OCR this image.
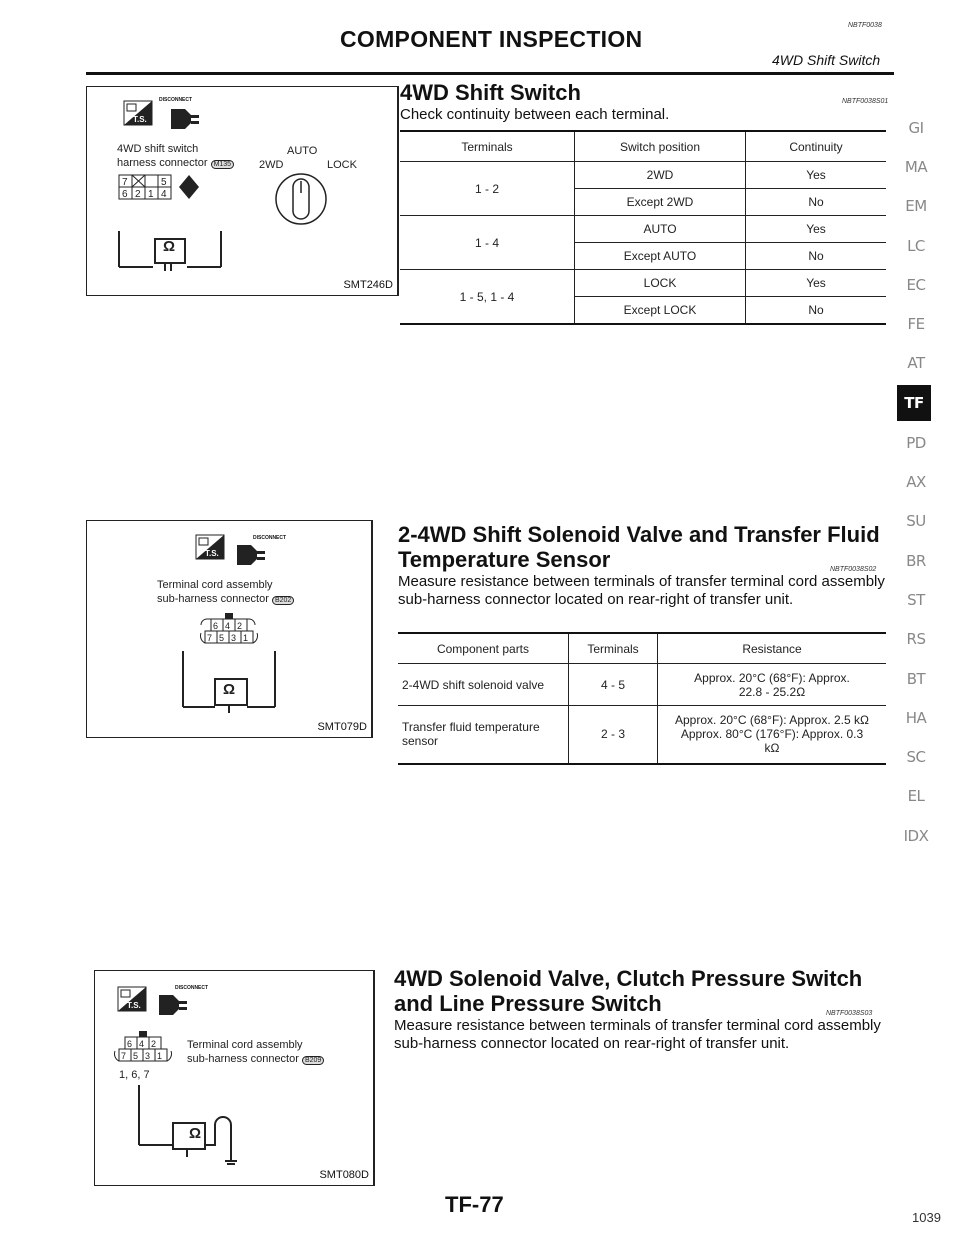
COMPONENT INSPECTION
NBTF0038
4WD Shift Switch
T.S.
DISCONNECT
4WD shift switch
harness connector M135
7	5
6 2 1 4
AUTO
2WD	LOCK
Ω
SMT246D
4WD Shift Switch	NBTF0038S01
Check continuity between each terminal.
Terminals	Switch position	Continuity
1 - 2	2WD	Yes
	Except 2WD	No
1 - 4	AUTO	Yes
	Except AUTO	No
1 - 5, 1 - 4	LOCK	Yes
	Except LOCK	No
T.S.
DISCONNECT
Terminal cord assembly
sub-harness connector B202
6 4 2
7 5 3 1
Ω
SMT079D
2-4WD Shift Solenoid Valve and Transfer Fluid
Temperature Sensor	NBTF0038S02
Measure resistance between terminals of transfer terminal cord assembly sub-harness connector located on rear-right of transfer unit.
Component parts	Terminals	Resistance
2-4WD shift solenoid valve	4 - 5	Approx. 20°C (68°F): Approx. 22.8 - 25.2Ω
Transfer fluid temperature sensor	2 - 3	Approx. 20°C (68°F): Approx. 2.5 kΩ Approx. 80°C (176°F): Approx. 0.3 kΩ
T.S.
DISCONNECT
6 4 2
7 5 3 1
Terminal cord assembly
sub-harness connector B209
1, 6, 7
Ω
SMT080D
4WD Solenoid Valve, Clutch Pressure Switch
and Line Pressure Switch	NBTF0038S03
Measure resistance between terminals of transfer terminal cord assembly sub-harness connector located on rear-right of transfer unit.
GI
MA
EM
LC
EC
FE
AT
TF
PD
AX
SU
BR
ST
RS
BT
HA
SC
EL
IDX
TF-77
1039
